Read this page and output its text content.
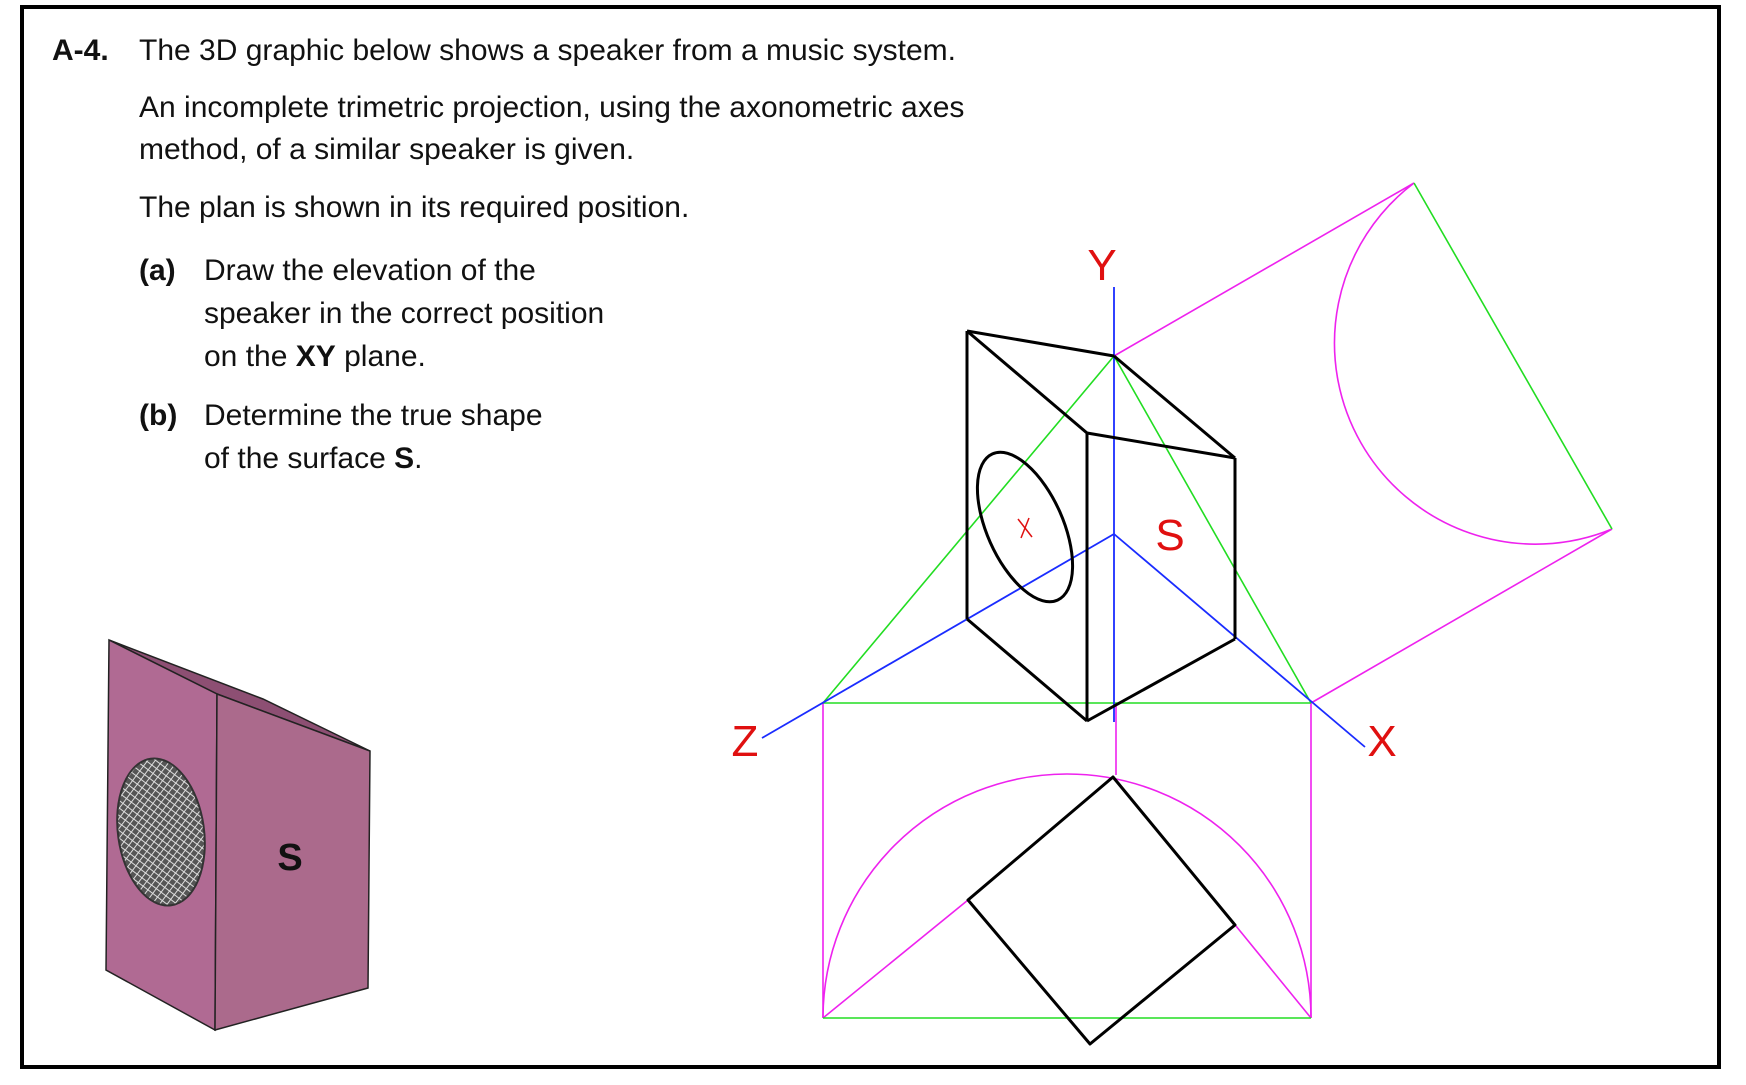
A-4. The 3D graphic below shows a speaker from a music system.
An incomplete trimetric projection, using the axonometric axes
method, of a similar speaker is given.
The plan is shown in its required position.
(a) Draw the elevation of the
speaker in the correct position
on the XY plane.
(b) Determine the true shape
of the surface S.
S
Y
X
Z
S
